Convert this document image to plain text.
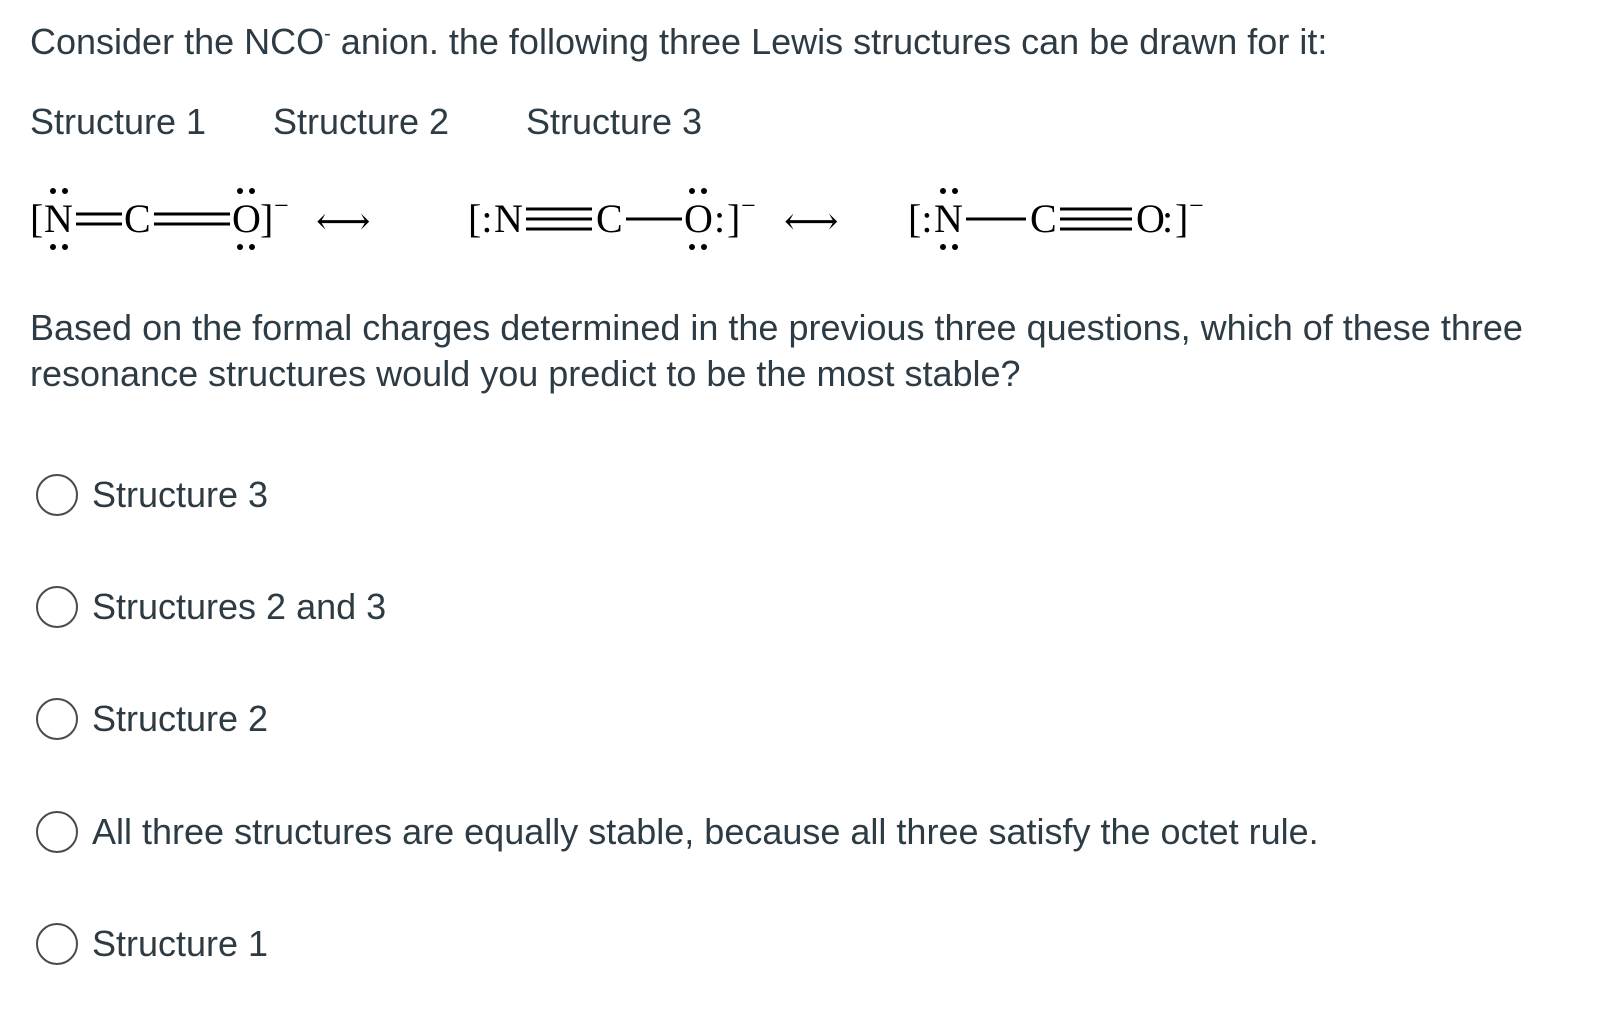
Consider the NCO- anion. the following three Lewis structures can be drawn for it:
Structure 1 Structure 2 Structure 3
[ N C O ] − ⟷ [: N C O : ] − ⟷ [: N C O
: ] −
Based on the formal charges determined in the previous three questions, which of these three resonance structures would you predict to be the most stable?
Structure 3
Structures 2 and 3
Structure 2
All three structures are equally stable, because all three satisfy the octet rule.
Structure 1
